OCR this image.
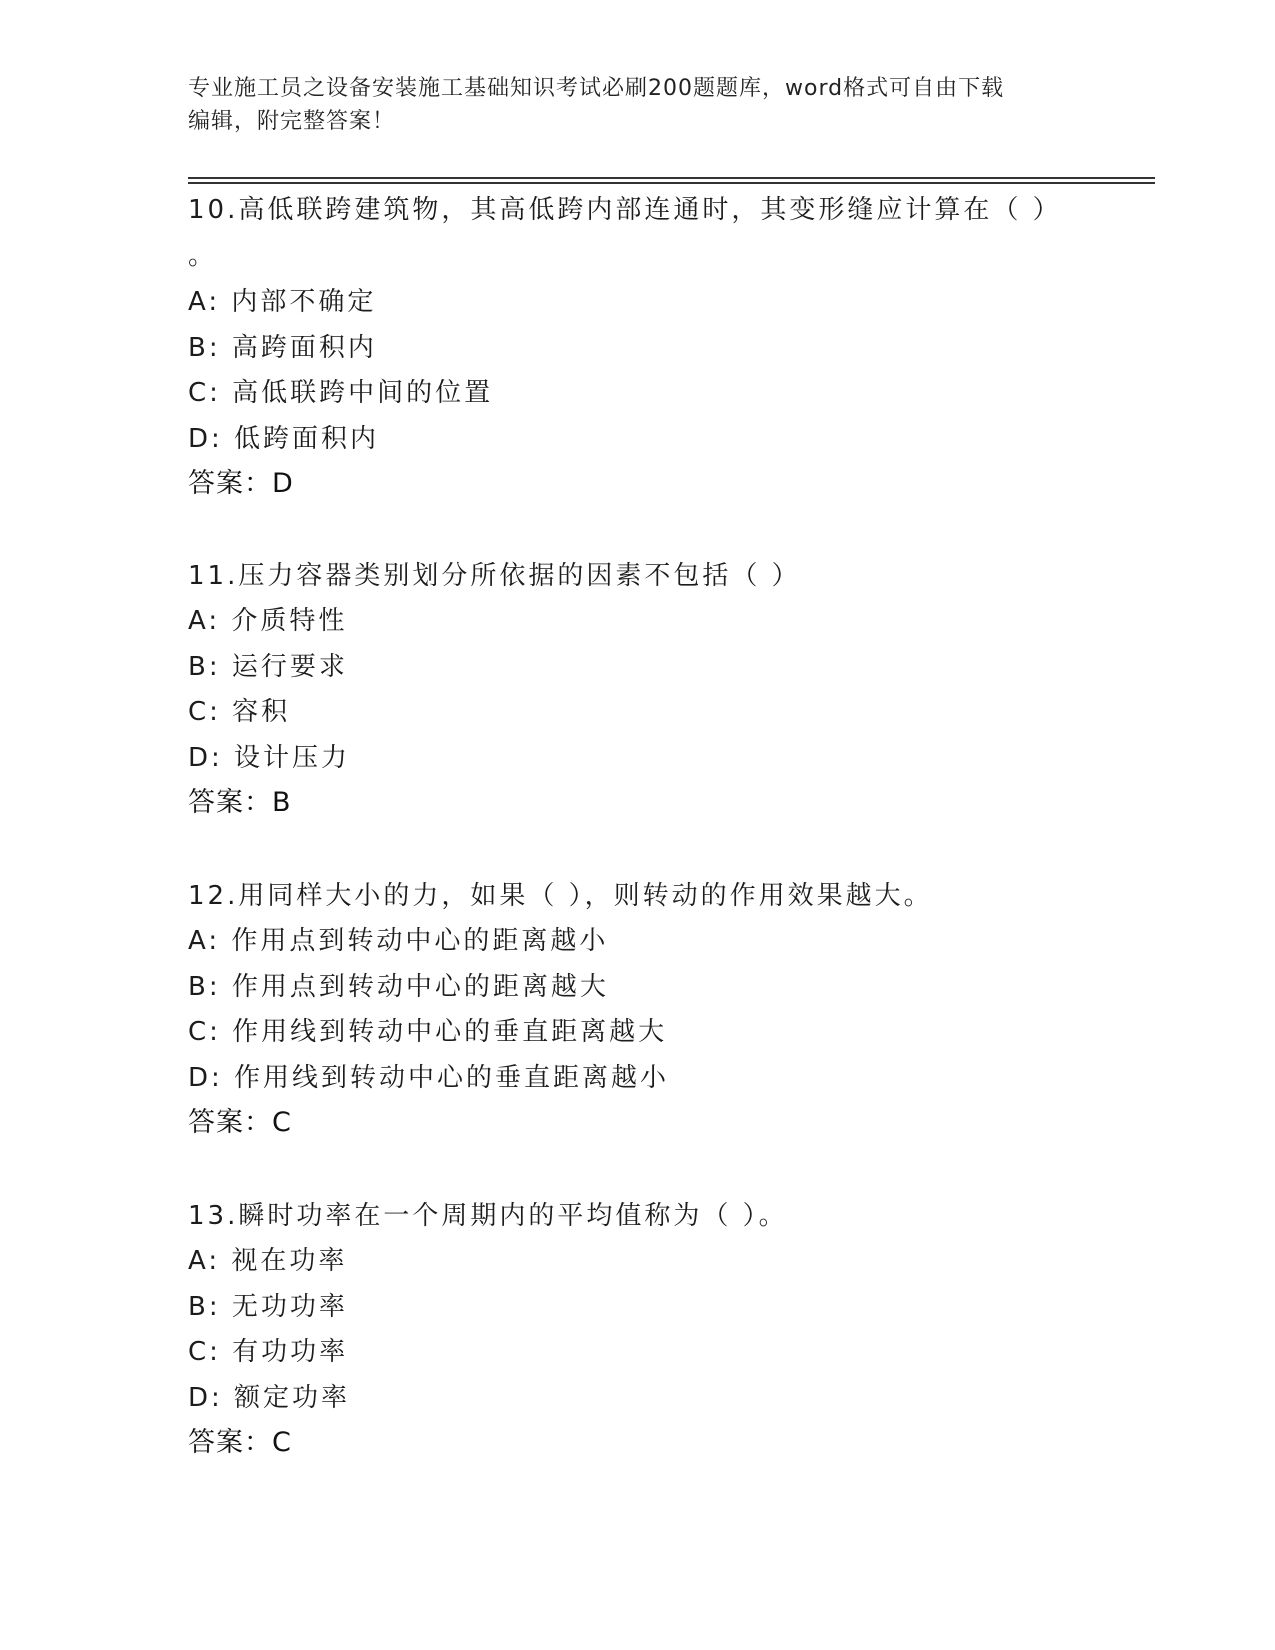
专业施工员之设备安装施工基础知识考试必刷200题题库，word格式可自由下载
编辑，附完整答案！
10.高低联跨建筑物，其高低跨内部连通时，其变形缝应计算在（ ）
。
A: 内部不确定
B: 高跨面积内
C: 高低联跨中间的位置
D: 低跨面积内
答案：D
11.压力容器类别划分所依据的因素不包括（ ）
A: 介质特性
B: 运行要求
C: 容积
D: 设计压力
答案：B
12.用同样大小的力，如果（ ），则转动的作用效果越大。
A: 作用点到转动中心的距离越小
B: 作用点到转动中心的距离越大
C: 作用线到转动中心的垂直距离越大
D: 作用线到转动中心的垂直距离越小
答案：C
13.瞬时功率在一个周期内的平均值称为（ ）。
A: 视在功率
B: 无功功率
C: 有功功率
D: 额定功率
答案：C
